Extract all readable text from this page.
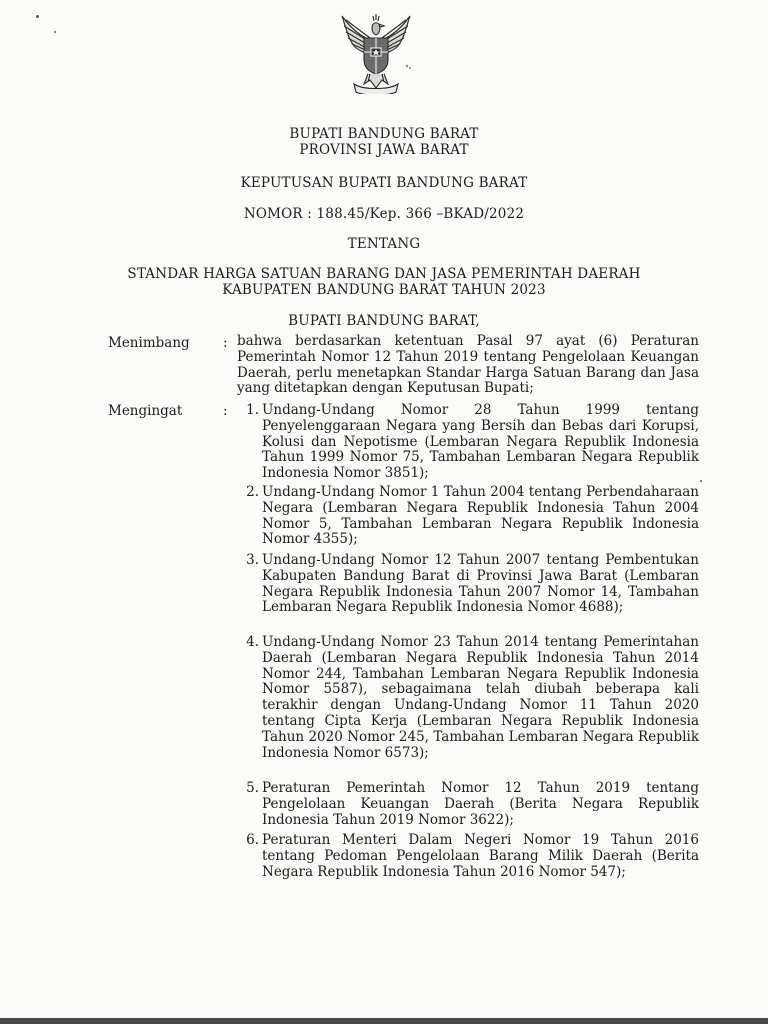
BUPATI BANDUNG BARAT
PROVINSI JAWA BARAT
KEPUTUSAN BUPATI BANDUNG BARAT
NOMOR : 188.45/Kep. 366 –BKAD/2022
TENTANG
STANDAR HARGA SATUAN BARANG DAN JASA PEMERINTAH DAERAH
KABUPATEN BANDUNG BARAT TAHUN 2023
BUPATI BANDUNG BARAT,
Menimbang : bahwa berdasarkan ketentuan Pasal 97 ayat (6) Peraturan Pemerintah Nomor 12 Tahun 2019 tentang Pengelolaan Keuangan Daerah, perlu menetapkan Standar Harga Satuan Barang dan Jasa yang ditetapkan dengan Keputusan Bupati;

Mengingat	:	1. Undang-Undang Nomor 28 Tahun 1999 tentang Penyelenggaraan Negara yang Bersih dan Bebas dari Korupsi, Kolusi dan Nepotisme (Lembaran Negara Republik Indonesia Tahun 1999 Nomor 75, Tambahan Lembaran Negara Republik Indonesia Nomor 3851);

2. Undang-Undang Nomor 1 Tahun 2004 tentang Perbendaharaan Negara (Lembaran Negara Republik Indonesia Tahun 2004 Nomor 5, Tambahan Lembaran Negara Republik Indonesia Nomor 4355);

3. Undang-Undang Nomor 12 Tahun 2007 tentang Pembentukan Kabupaten Bandung Barat di Provinsi Jawa Barat (Lembaran Negara Republik Indonesia Tahun 2007 Nomor 14, Tambahan Lembaran Negara Republik Indonesia Nomor 4688);

4. Undang-Undang Nomor 23 Tahun 2014 tentang Pemerintahan Daerah (Lembaran Negara Republik Indonesia Tahun 2014 Nomor 244, Tambahan Lembaran Negara Republik Indonesia Nomor 5587), sebagaimana telah diubah beberapa kali terakhir dengan Undang-Undang Nomor 11 Tahun 2020 tentang Cipta Kerja (Lembaran Negara Republik Indonesia Tahun 2020 Nomor 245, Tambahan Lembaran Negara Republik Indonesia Nomor 6573);

5. Peraturan Pemerintah Nomor 12 Tahun 2019 tentang Pengelolaan Keuangan Daerah (Berita Negara Republik Indonesia Tahun 2019 Nomor 3622);

6. Peraturan Menteri Dalam Negeri Nomor 19 Tahun 2016 tentang Pedoman Pengelolaan Barang Milik Daerah (Berita Negara Republik Indonesia Tahun 2016 Nomor 547);
